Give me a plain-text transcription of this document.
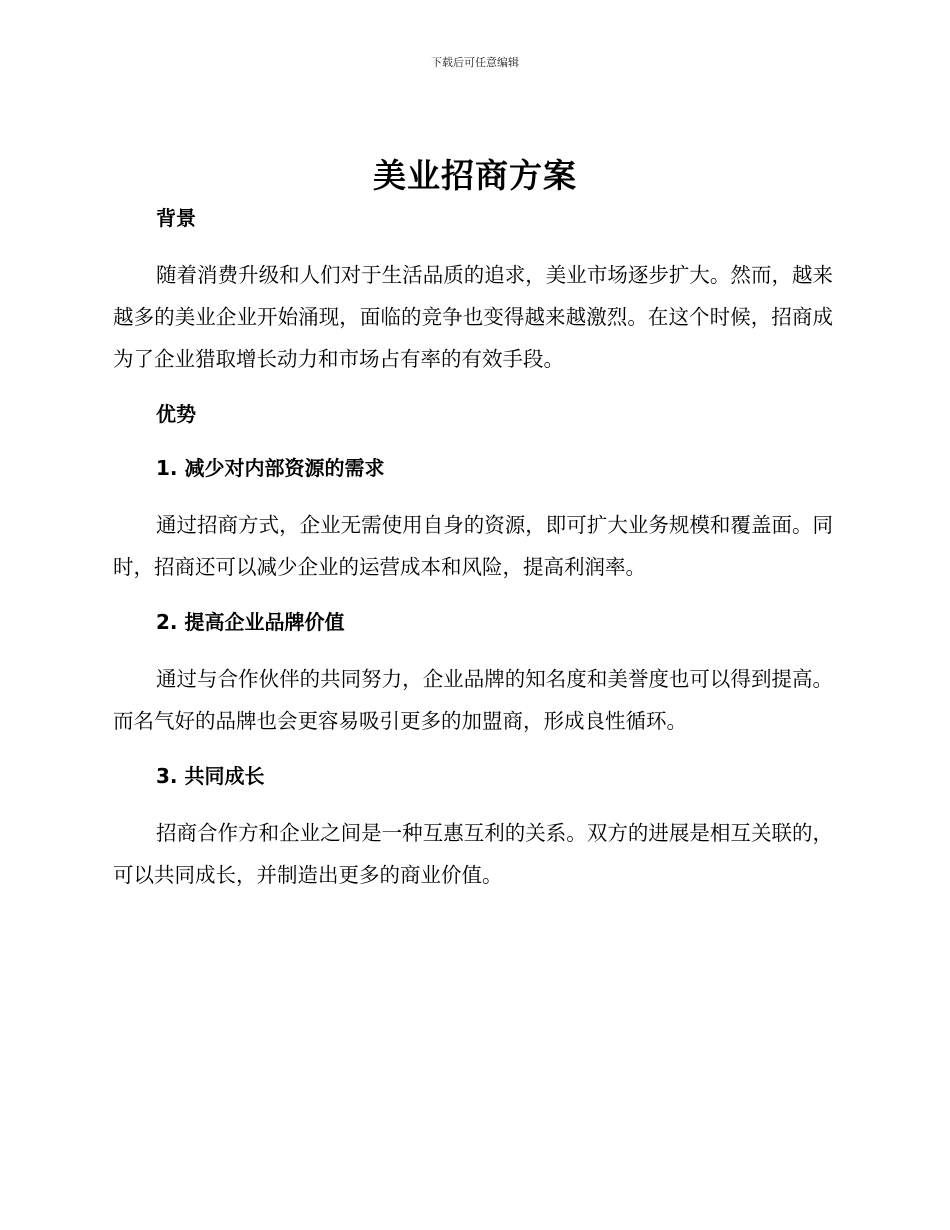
下载后可任意编辑
美业招商方案

背景

随着消费升级和人们对于生活品质的追求，美业市场逐步扩大。然而，越来越多的美业企业开始涌现，面临的竞争也变得越来越激烈。在这个时候，招商成为了企业猎取增长动力和市场占有率的有效手段。

优势

1. 减少对内部资源的需求

通过招商方式，企业无需使用自身的资源，即可扩大业务规模和覆盖面。同时，招商还可以减少企业的运营成本和风险，提高利润率。

2. 提高企业品牌价值

通过与合作伙伴的共同努力，企业品牌的知名度和美誉度也可以得到提高。而名气好的品牌也会更容易吸引更多的加盟商，形成良性循环。

3. 共同成长

招商合作方和企业之间是一种互惠互利的关系。双方的进展是相互关联的，可以共同成长，并制造出更多的商业价值。
